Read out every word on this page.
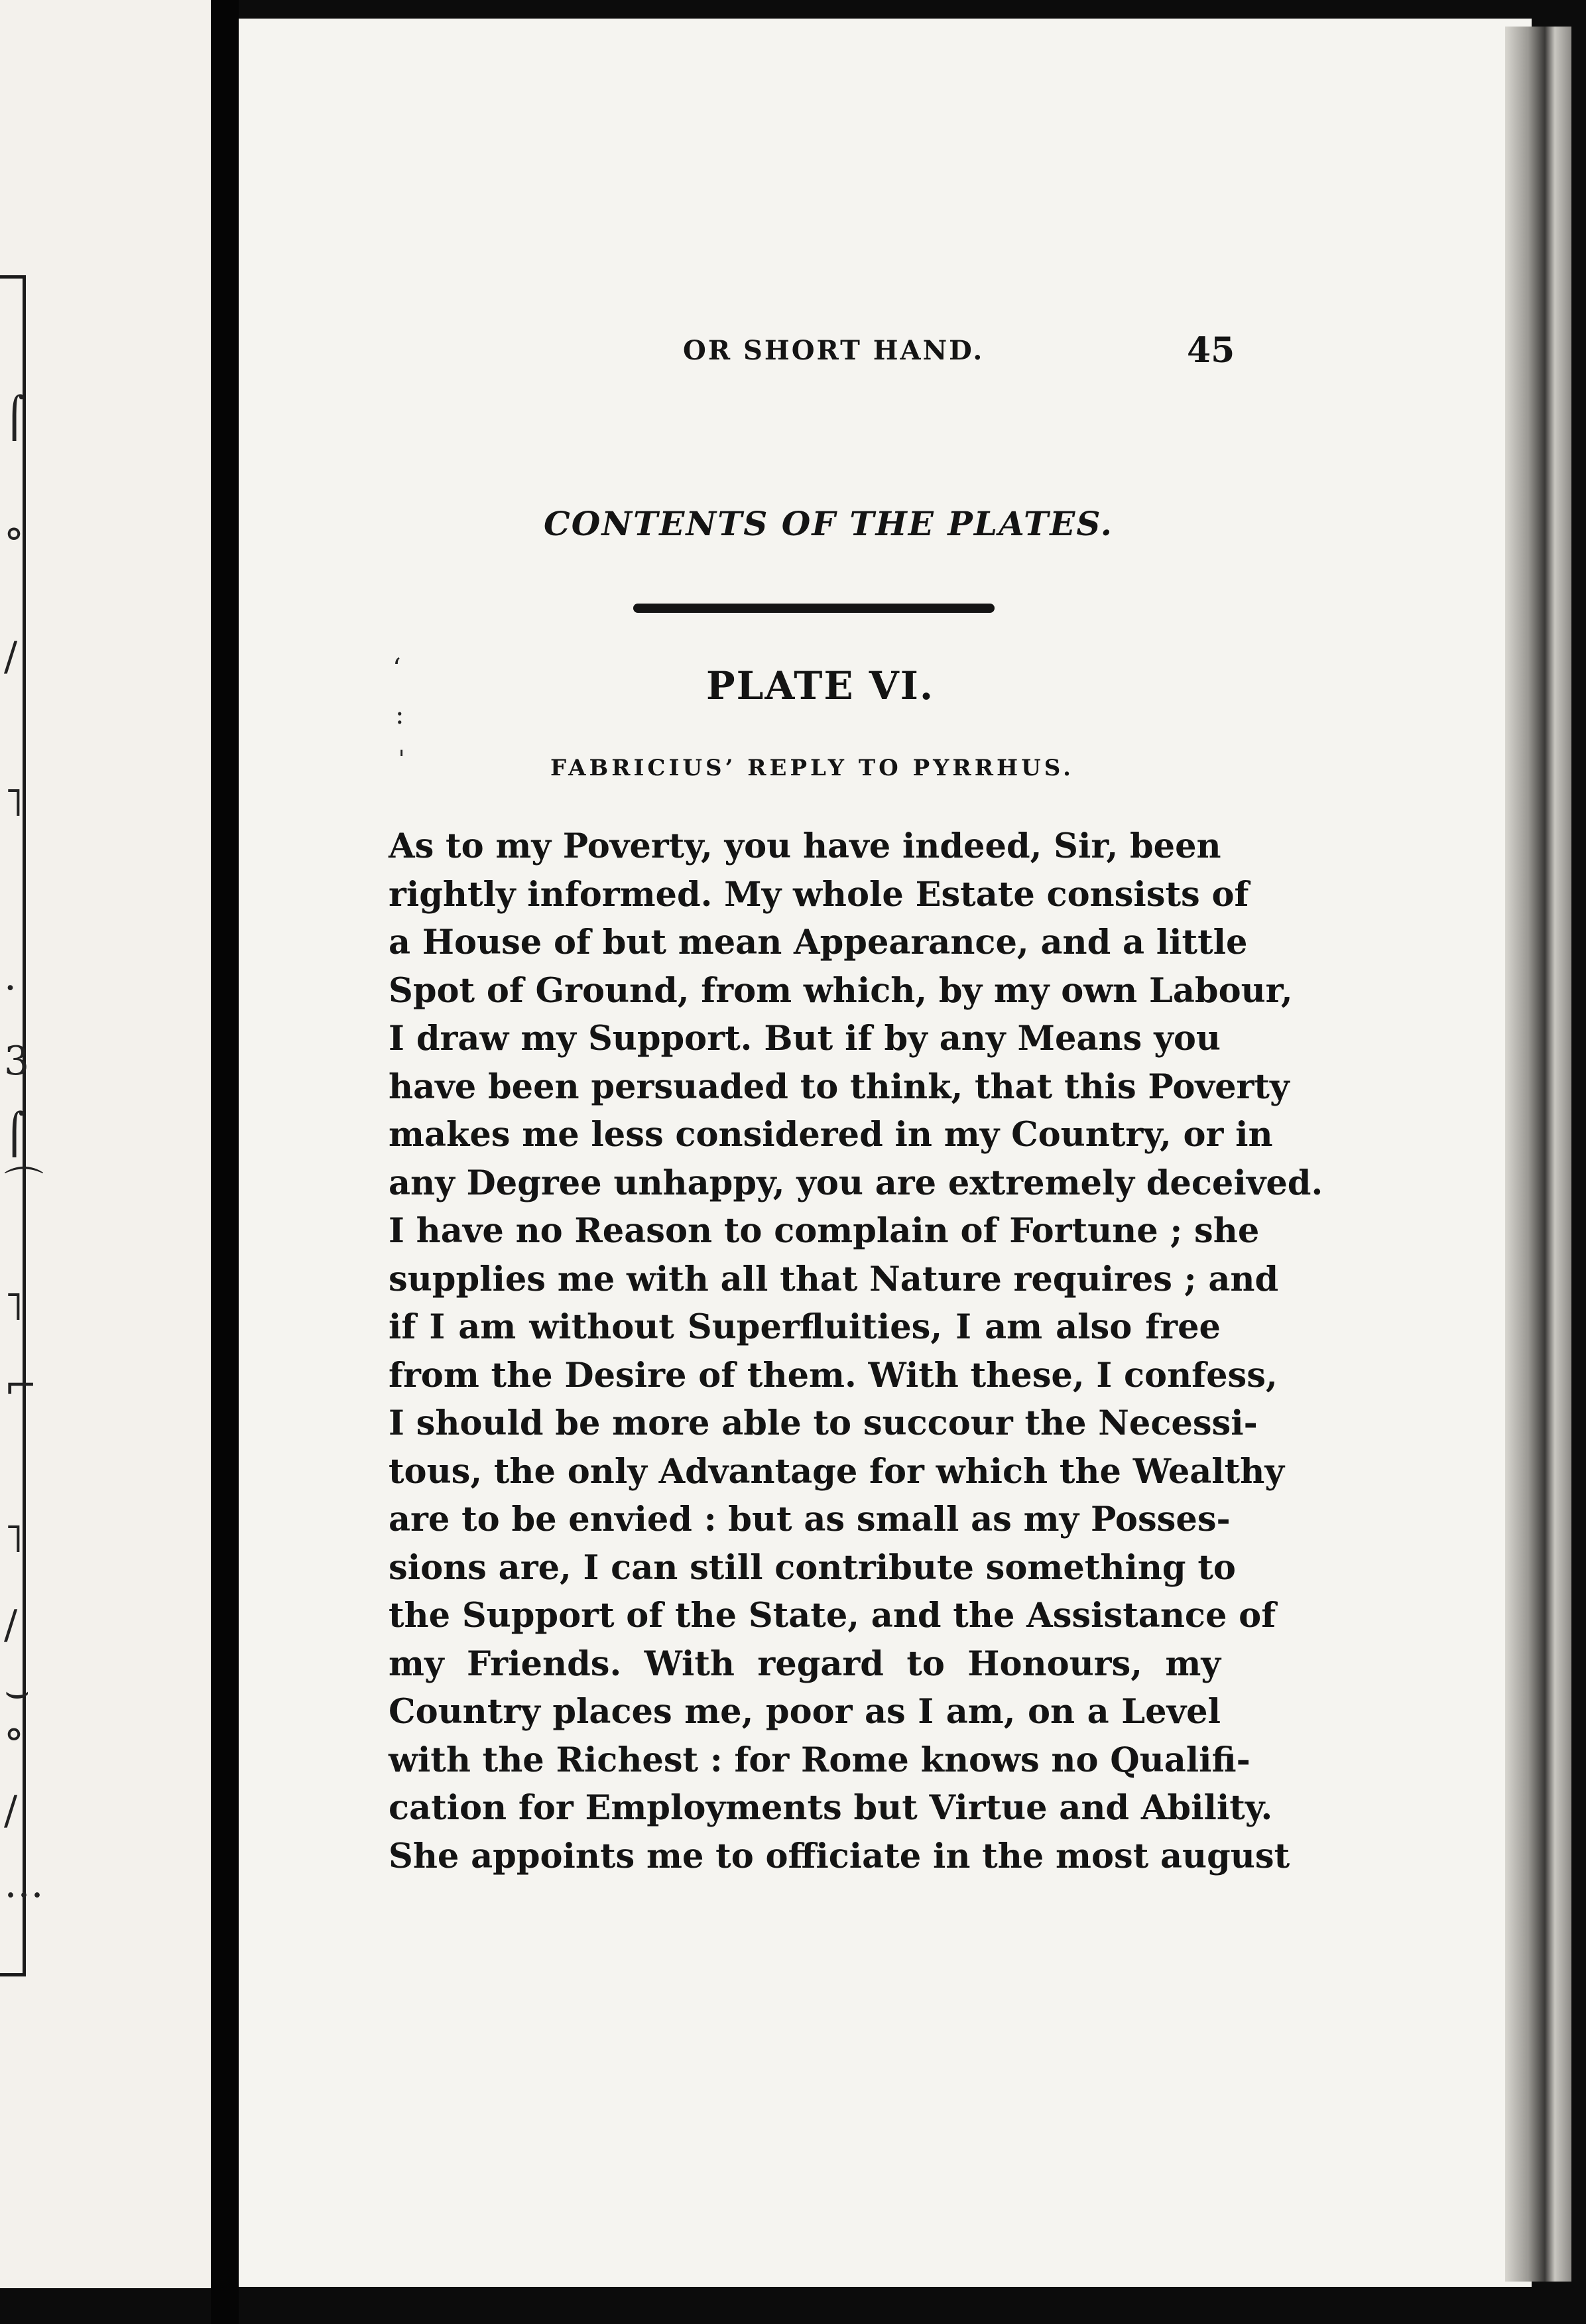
⌠
°
∕
˥
·
3
⌠
⌒
˥
⌐
˥
∕
⌣
°
∕
…
OR SHORT HAND.	45
CONTENTS OF THE PLATES.
PLATE VI.
FABRICIUS’ REPLY TO PYRRHUS.
‘
:
ˈ
As to my Poverty, you have indeed, Sir, been
rightly informed. My whole Estate consists of
a House of but mean Appearance, and a little
Spot of Ground, from which, by my own Labour,
I draw my Support. But if by any Means you
have been persuaded to think, that this Poverty
makes me less considered in my Country, or in
any Degree unhappy, you are extremely deceived.
I have no Reason to complain of Fortune ; she
supplies me with all that Nature requires ; and
if I am without Superfluities, I am also free
from the Desire of them. With these, I confess,
I should be more able to succour the Necessi-
tous, the only Advantage for which the Wealthy
are to be envied : but as small as my Posses-
sions are, I can still contribute something to
the Support of the State, and the Assistance of
my Friends. With regard to Honours, my
Country places me, poor as I am, on a Level
with the Richest : for Rome knows no Qualifi-
cation for Employments but Virtue and Ability.
She appoints me to officiate in the most august
